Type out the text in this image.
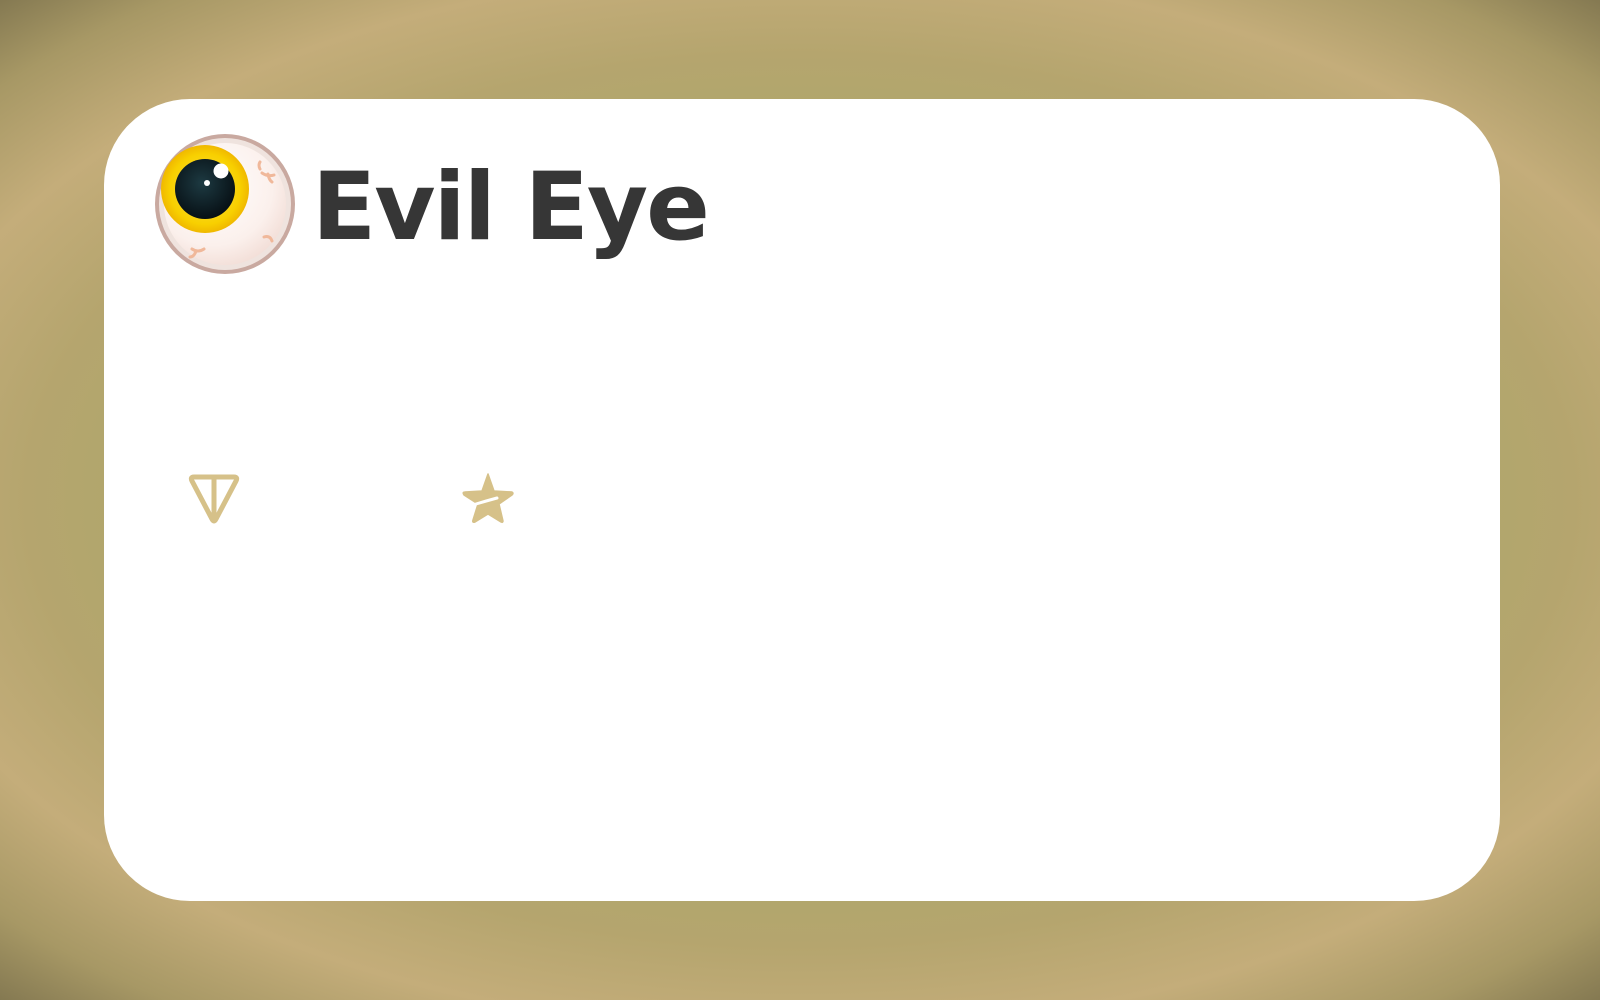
Evil Eye
